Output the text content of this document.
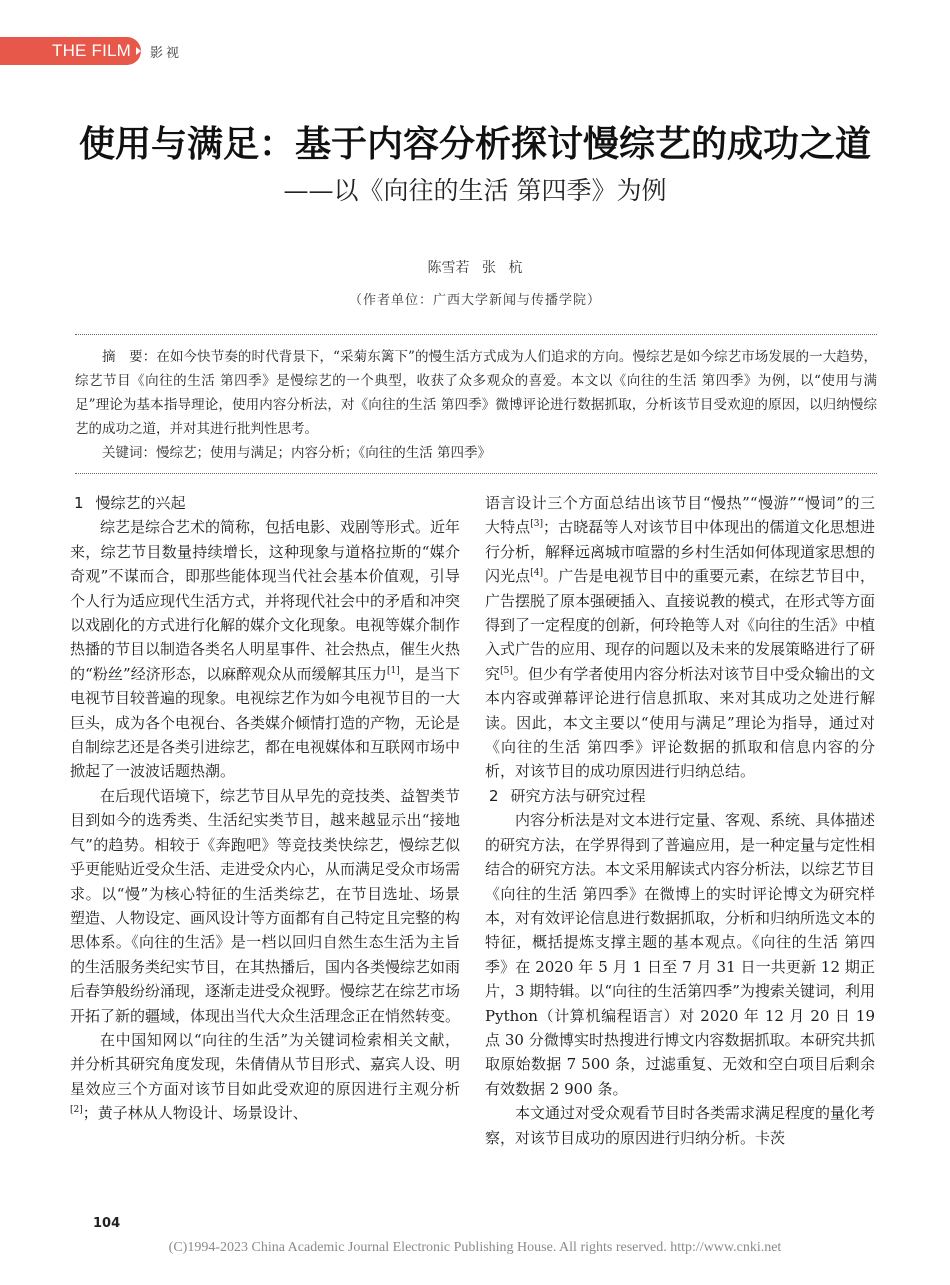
THE FILM 影视
使用与满足：基于内容分析探讨慢综艺的成功之道
——以《向往的生活 第四季》为例
陈雪若 张 杭
（作者单位：广西大学新闻与传播学院）

摘　要：在如今快节奏的时代背景下，“采菊东篱下”的慢生活方式成为人们追求的方向。慢综艺是如今综艺市场发展的一大趋势，综艺节目《向往的生活 第四季》是慢综艺的一个典型，收获了众多观众的喜爱。本文以《向往的生活 第四季》为例，以“使用与满足”理论为基本指导理论，使用内容分析法，对《向往的生活 第四季》微博评论进行数据抓取，分析该节目受欢迎的原因，以归纳慢综艺的成功之道，并对其进行批判性思考。

关键词：慢综艺；使用与满足；内容分析；《向往的生活 第四季》

1 慢综艺的兴起

综艺是综合艺术的简称，包括电影、戏剧等形式。近年来，综艺节目数量持续增长，这种现象与道格拉斯的“媒介奇观”不谋而合，即那些能体现当代社会基本价值观，引导个人行为适应现代生活方式，并将现代社会中的矛盾和冲突以戏剧化的方式进行化解的媒介文化现象。电视等媒介制作热播的节目以制造各类名人明星事件、社会热点，催生火热的“粉丝”经济形态，以麻醉观众从而缓解其压力[1]，是当下电视节目较普遍的现象。电视综艺作为如今电视节目的一大巨头，成为各个电视台、各类媒介倾情打造的产物，无论是自制综艺还是各类引进综艺，都在电视媒体和互联网市场中掀起了一波波话题热潮。

在后现代语境下，综艺节目从早先的竞技类、益智类节目到如今的选秀类、生活纪实类节目，越来越显示出“接地气”的趋势。相较于《奔跑吧》等竞技类快综艺，慢综艺似乎更能贴近受众生活、走进受众内心，从而满足受众市场需求。以“慢”为核心特征的生活类综艺，在节目选址、场景塑造、人物设定、画风设计等方面都有自己特定且完整的构思体系。《向往的生活》是一档以回归自然生态生活为主旨的生活服务类纪实节目，在其热播后，国内各类慢综艺如雨后春笋般纷纷涌现，逐渐走进受众视野。慢综艺在综艺市场开拓了新的疆域，体现出当代大众生活理念正在悄然转变。

在中国知网以“向往的生活”为关键词检索相关文献，并分析其研究角度发现，朱倩倩从节目形式、嘉宾人设、明星效应三个方面对该节目如此受欢迎的原因进行主观分析[2]；黄子林从人物设计、场景设计、

语言设计三个方面总结出该节目“慢热”“慢游”“慢词”的三大特点[3]；古晓磊等人对该节目中体现出的儒道文化思想进行分析，解释远离城市喧嚣的乡村生活如何体现道家思想的闪光点[4]。广告是电视节目中的重要元素，在综艺节目中，广告摆脱了原本强硬插入、直接说教的模式，在形式等方面得到了一定程度的创新，何玲艳等人对《向往的生活》中植入式广告的应用、现存的问题以及未来的发展策略进行了研究[5]。但少有学者使用内容分析法对该节目中受众输出的文本内容或弹幕评论进行信息抓取、来对其成功之处进行解读。因此，本文主要以“使用与满足”理论为指导，通过对《向往的生活 第四季》评论数据的抓取和信息内容的分析，对该节目的成功原因进行归纳总结。

2 研究方法与研究过程

内容分析法是对文本进行定量、客观、系统、具体描述的研究方法，在学界得到了普遍应用，是一种定量与定性相结合的研究方法。本文采用解读式内容分析法，以综艺节目《向往的生活 第四季》在微博上的实时评论博文为研究样本，对有效评论信息进行数据抓取，分析和归纳所选文本的特征，概括提炼支撑主题的基本观点。《向往的生活 第四季》在 2020 年 5 月 1 日至 7 月 31 日一共更新 12 期正片，3 期特辑。以“向往的生活第四季”为搜索关键词，利用 Python（计算机编程语言）对 2020 年 12 月 20 日 19 点 30 分微博实时热搜进行博文内容数据抓取。本研究共抓取原始数据 7 500 条，过滤重复、无效和空白项目后剩余有效数据 2 900 条。

本文通过对受众观看节目时各类需求满足程度的量化考察，对该节目成功的原因进行归纳分析。卡茨

104
(C)1994-2023 China Academic Journal Electronic Publishing House. All rights reserved. http://www.cnki.net
